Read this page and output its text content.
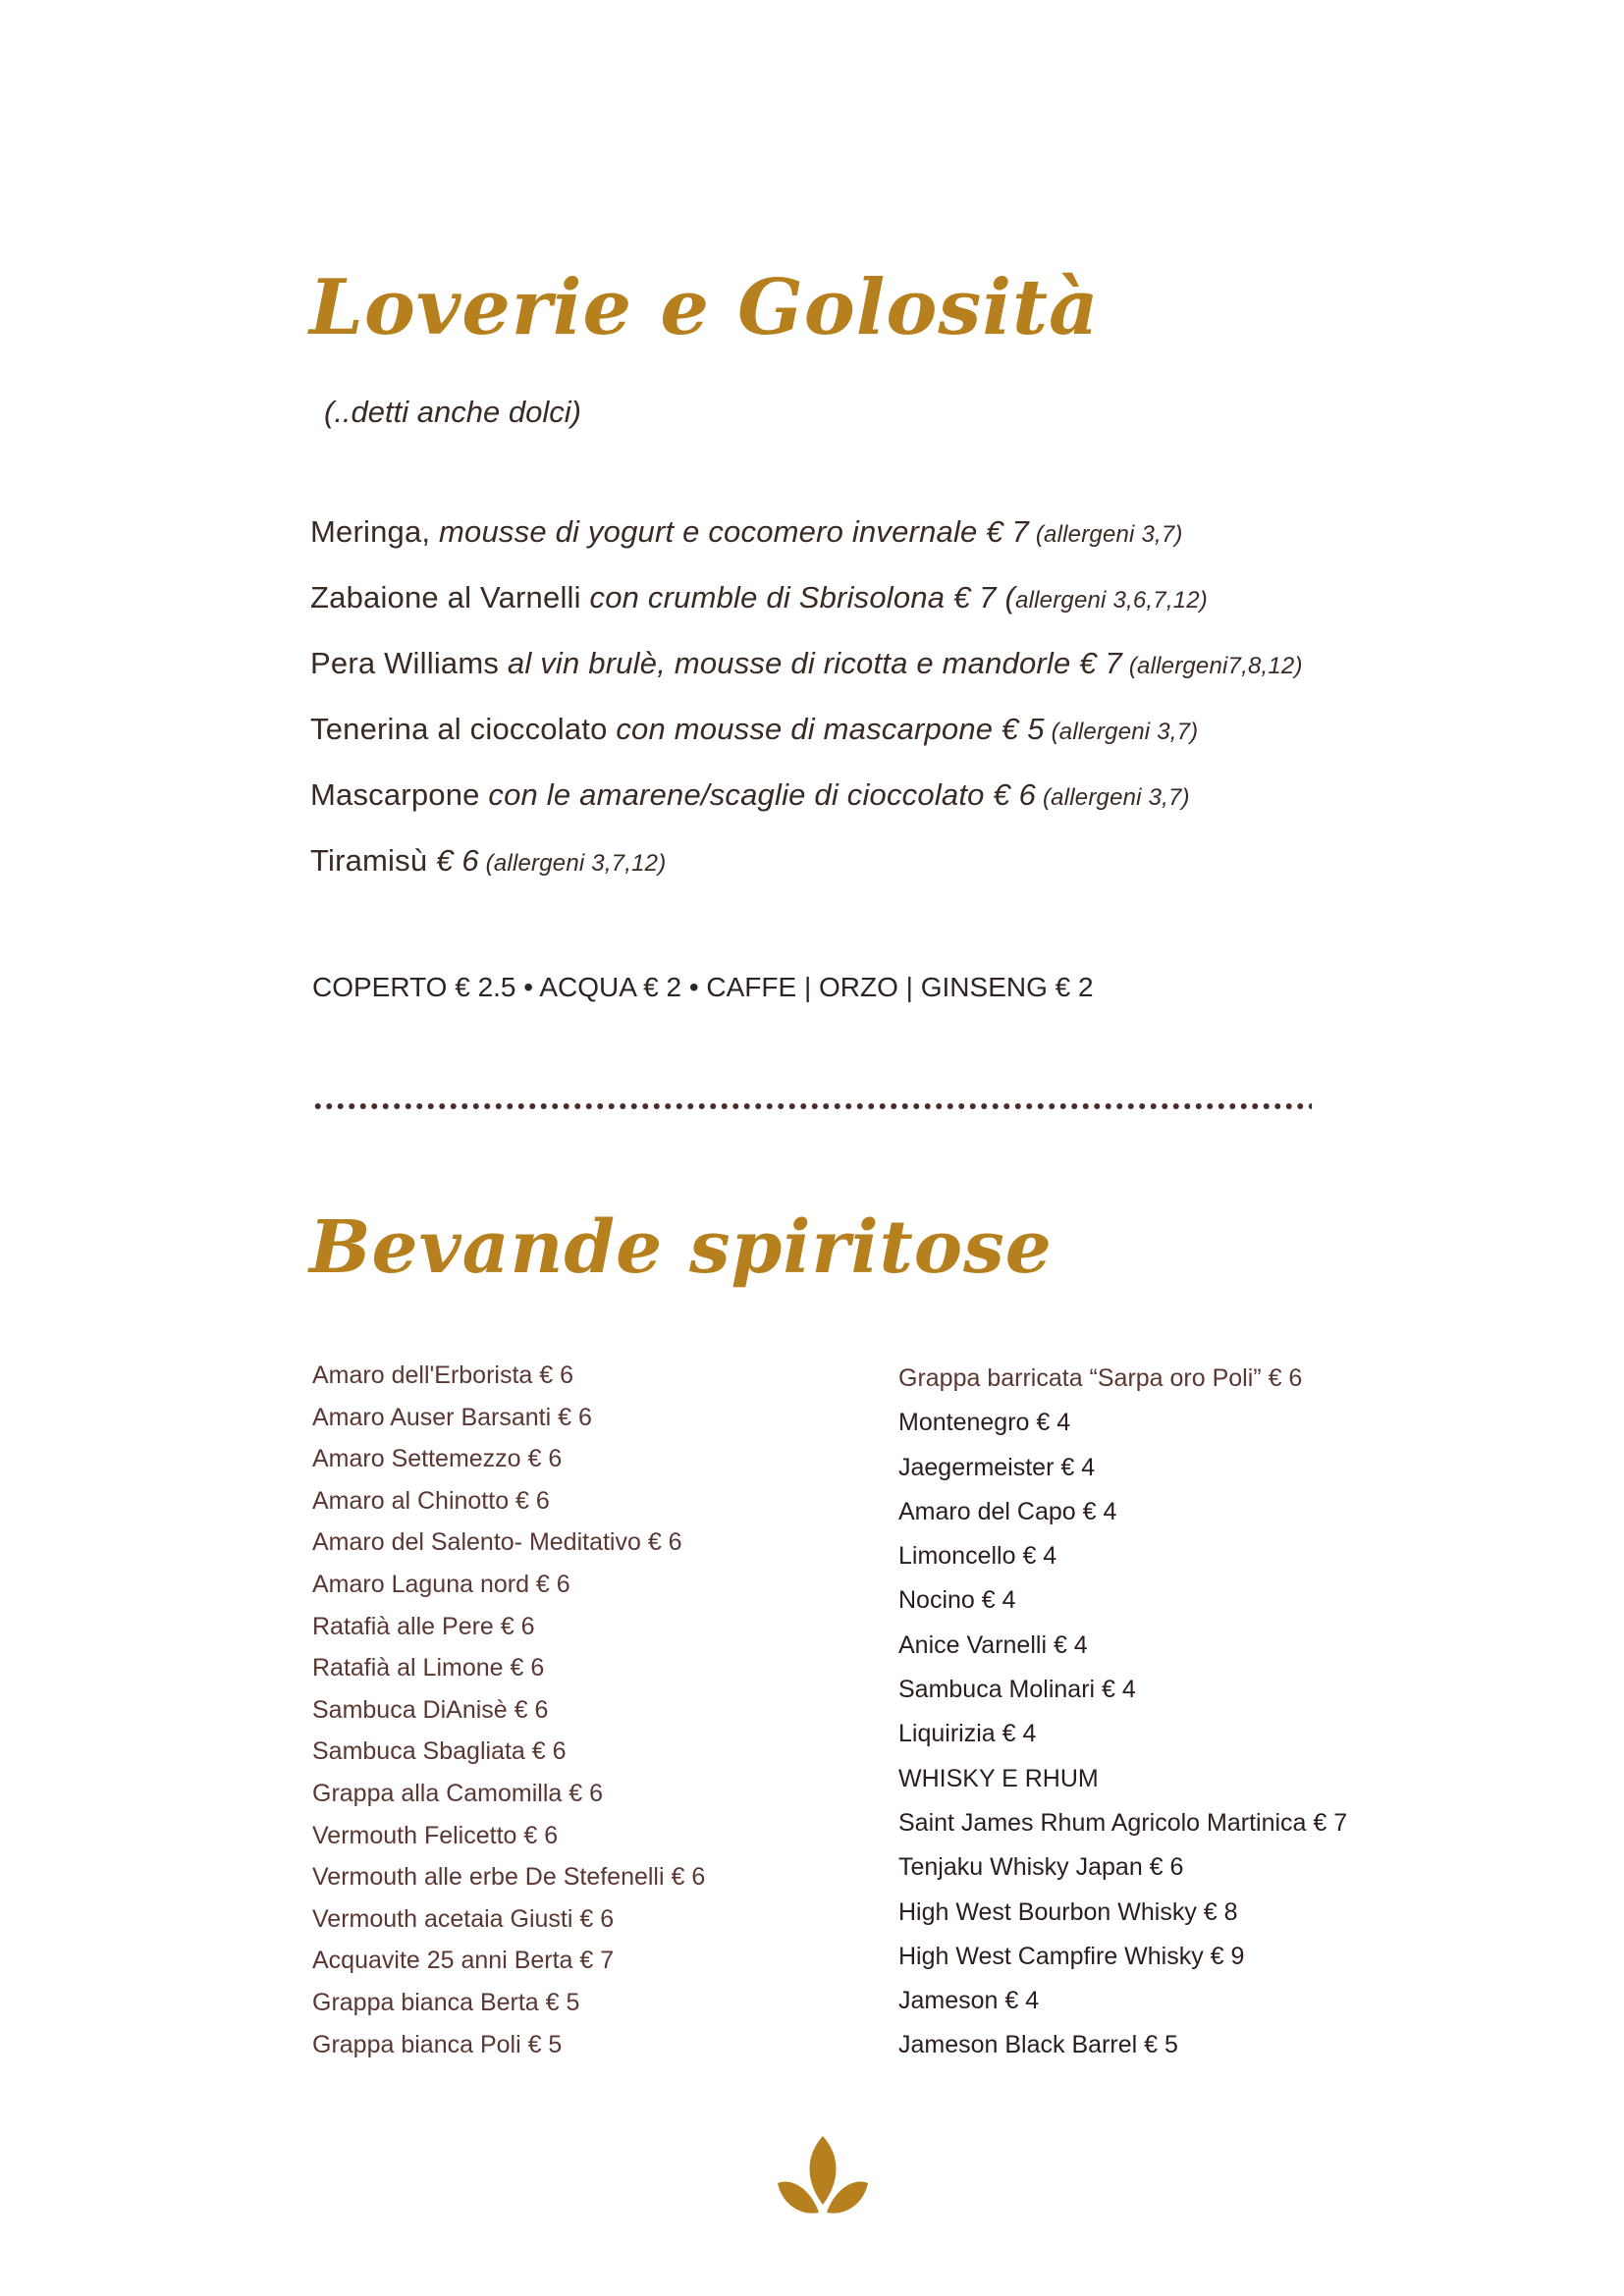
Loverie e Golosità
(..detti anche dolci)
Meringa, mousse di yogurt e cocomero invernale € 7 (allergeni 3,7)
Zabaione al Varnelli con crumble di Sbrisolona € 7 (allergeni 3,6,7,12)
Pera Williams al vin brulè, mousse di ricotta e mandorle € 7 (allergeni7,8,12)
Tenerina al cioccolato con mousse di mascarpone € 5 (allergeni 3,7)
Mascarpone con le amarene/scaglie di cioccolato € 6 (allergeni 3,7)
Tiramisù € 6 (allergeni 3,7,12)
COPERTO € 2.5 • ACQUA € 2 • CAFFE | ORZO | GINSENG € 2
Bevande spiritose
Amaro dell'Erborista € 6
Amaro Auser Barsanti € 6
Amaro Settemezzo € 6
Amaro al Chinotto € 6
Amaro del Salento- Meditativo € 6
Amaro Laguna nord € 6
Ratafià alle Pere € 6
Ratafià al Limone € 6
Sambuca DiAnisè € 6
Sambuca Sbagliata € 6
Grappa alla Camomilla € 6
Vermouth Felicetto € 6
Vermouth alle erbe De Stefenelli € 6
Vermouth acetaia Giusti € 6
Acquavite 25 anni Berta € 7
Grappa bianca Berta € 5
Grappa bianca Poli € 5
Grappa barricata “Sarpa oro Poli” € 6
Montenegro € 4
Jaegermeister € 4
Amaro del Capo € 4
Limoncello € 4
Nocino € 4
Anice Varnelli € 4
Sambuca Molinari € 4
Liquirizia € 4
WHISKY E RHUM
Saint James Rhum Agricolo Martinica € 7
Tenjaku Whisky Japan € 6
High West Bourbon Whisky € 8
High West Campfire Whisky € 9
Jameson € 4
Jameson Black Barrel € 5
